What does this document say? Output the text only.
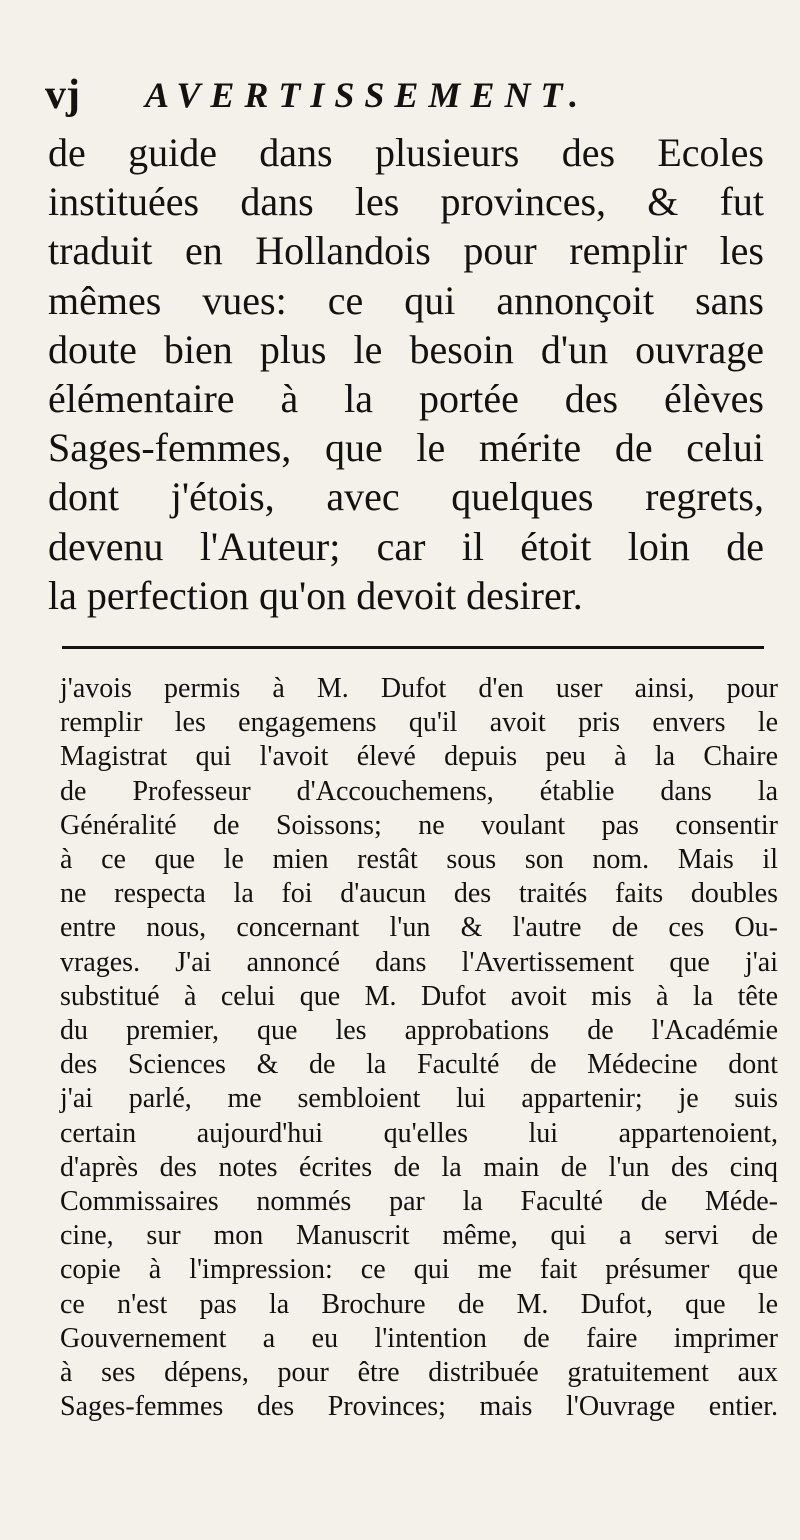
vj AVERTISSEMENT.

de guide dans plusieurs des Ecoles
instituées dans les provinces, & fut
traduit en Hollandois pour remplir les
mêmes vues: ce qui annonçoit sans
doute bien plus le besoin d'un ouvrage
élémentaire à la portée des élèves
Sages-femmes, que le mérite de celui
dont j'étois, avec quelques regrets,
devenu l'Auteur; car il étoit loin de
la perfection qu'on devoit desirer.

j'avois permis à M. Dufot d'en user ainsi, pour
remplir les engagemens qu'il avoit pris envers le
Magistrat qui l'avoit élevé depuis peu à la Chaire
de Professeur d'Accouchemens, établie dans la
Généralité de Soissons; ne voulant pas consentir
à ce que le mien restât sous son nom. Mais il
ne respecta la foi d'aucun des traités faits doubles
entre nous, concernant l'un & l'autre de ces Ou-
vrages. J'ai annoncé dans l'Avertissement que j'ai
substitué à celui que M. Dufot avoit mis à la tête
du premier, que les approbations de l'Académie
des Sciences & de la Faculté de Médecine dont
j'ai parlé, me sembloient lui appartenir; je suis
certain aujourd'hui qu'elles lui appartenoient,
d'après des notes écrites de la main de l'un des cinq
Commissaires nommés par la Faculté de Méde-
cine, sur mon Manuscrit même, qui a servi de
copie à l'impression: ce qui me fait présumer que
ce n'est pas la Brochure de M. Dufot, que le
Gouvernement a eu l'intention de faire imprimer
à ses dépens, pour être distribuée gratuitement aux
Sages-femmes des Provinces; mais l'Ouvrage entier.
